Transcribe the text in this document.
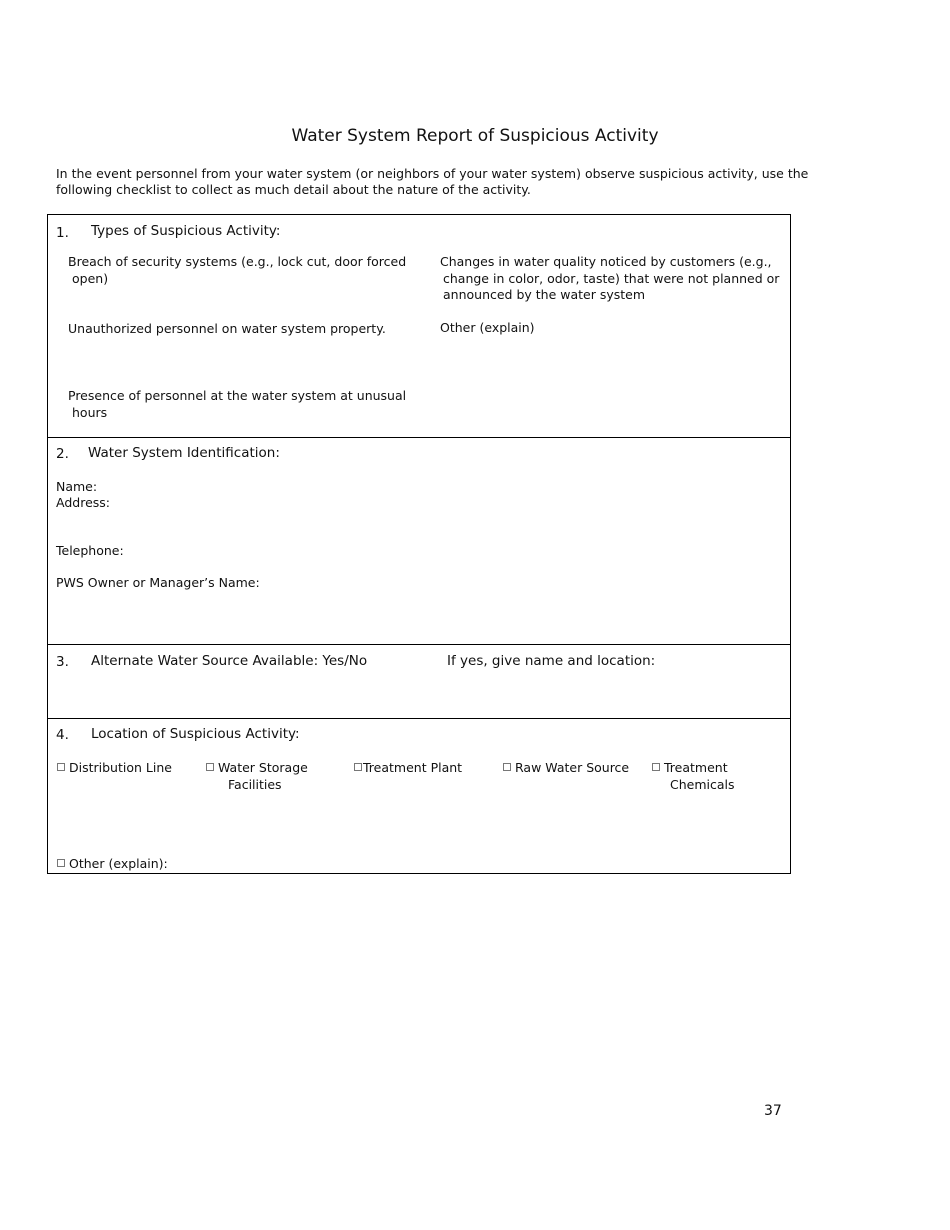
Water System Report of Suspicious Activity
In the event personnel from your water system (or neighbors of your water system) observe suspicious activity, use the following checklist to collect as much detail about the nature of the activity.
1. Types of Suspicious Activity:
Breach of security systems (e.g., lock cut, door forced
open)
Unauthorized personnel on water system property.
Presence of personnel at the water system at unusual
hours
Changes in water quality noticed by customers (e.g.,
change in color, odor, taste) that were not planned or
announced by the water system
Other (explain)
2. Water System Identification:
Name:
Address:
Telephone:
PWS Owner or Manager’s Name:
3. Alternate Water Source Available: Yes/No	If yes, give name and location:
4. Location of Suspicious Activity:
Distribution Line	Water Storage
Facilities
Treatment Plant	Raw Water Source	Treatment
Chemicals
Other (explain):
37
